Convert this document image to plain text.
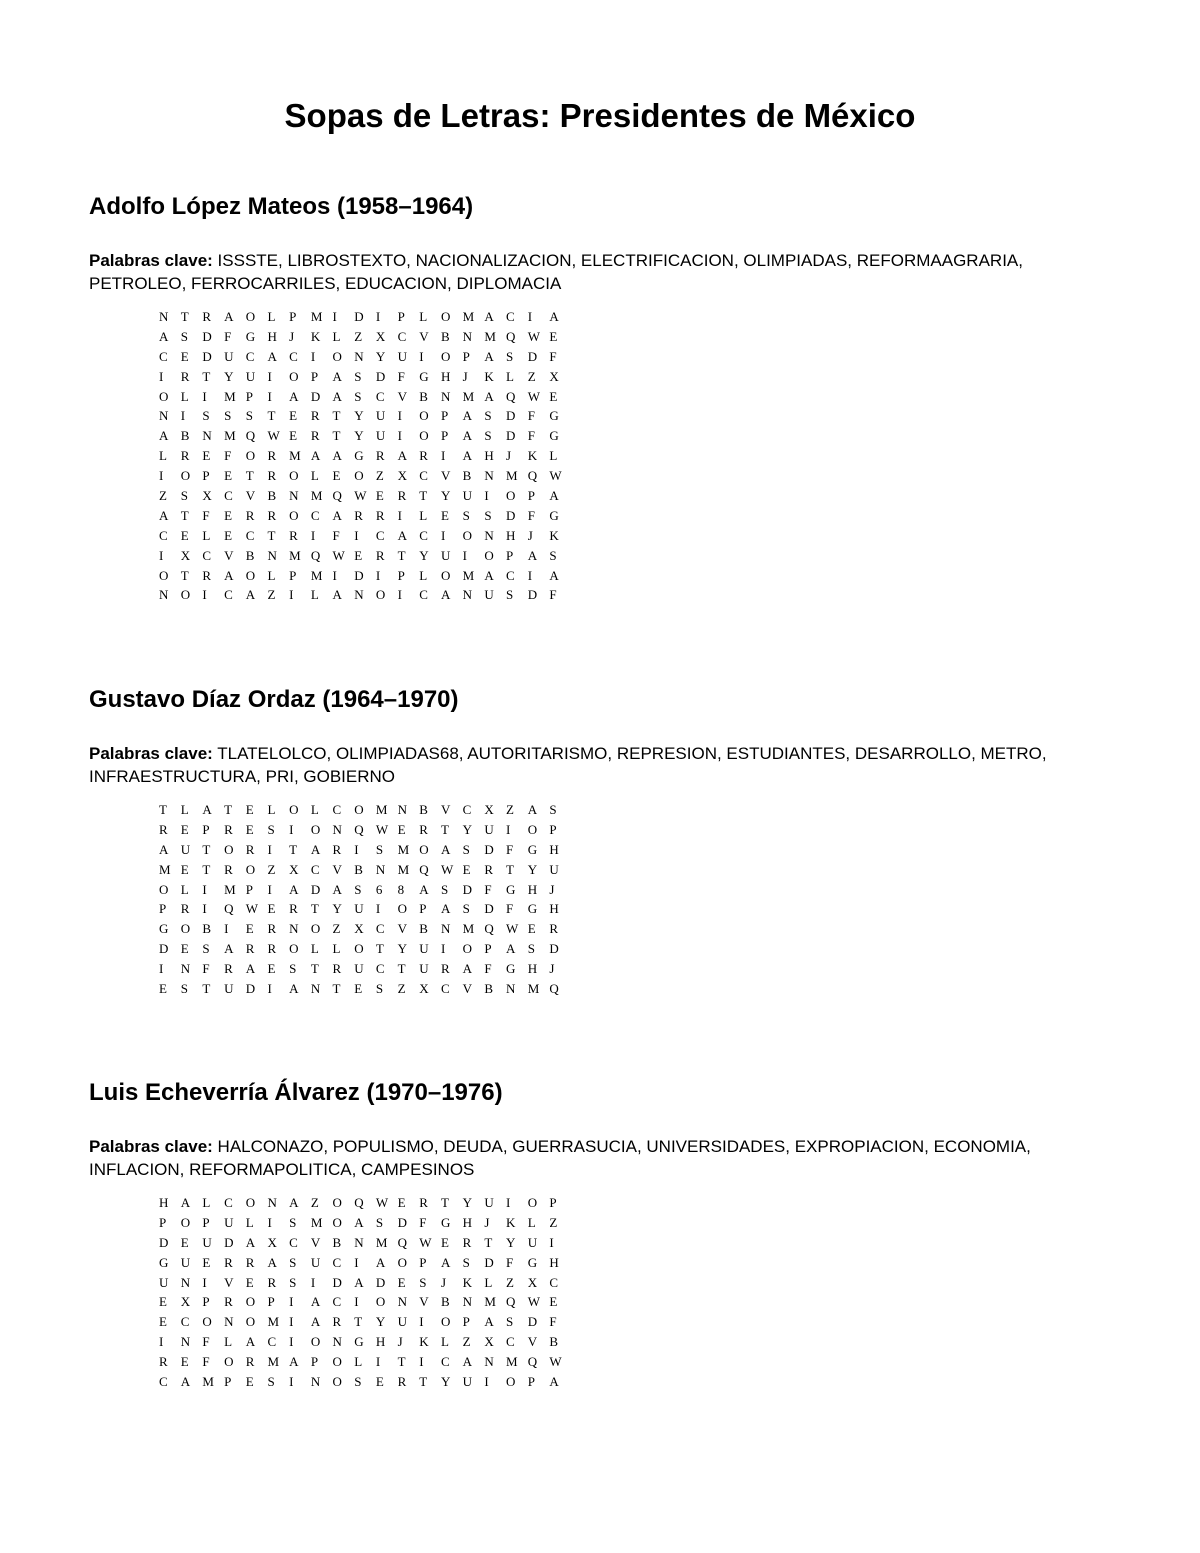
Sopas de Letras: Presidentes de México
Adolfo López Mateos (1958–1964)

Palabras clave: ISSSTE, LIBROSTEXTO, NACIONALIZACION, ELECTRIFICACION, OLIMPIADAS, REFORMAAGRARIA, PETROLEO, FERROCARRILES, EDUCACION, DIPLOMACIA

N T R A O L P M I D I P L O M A C I A
A S D F G H J K L Z X C V B N M Q W E
C E D U C A C I O N Y U I O P A S D F
I R T Y U I O P A S D F G H J K L Z X
O L I M P I A D A S C V B N M A Q W E
N I S S S T E R T Y U I O P A S D F G
A B N M Q W E R T Y U I O P A S D F G
L R E F O R M A A G R A R I A H J K L
I O P E T R O L E O Z X C V B N M Q W
Z S X C V B N M Q W E R T Y U I O P A
A T F E R R O C A R R I L E S S D F G
C E L E C T R I F I C A C I O N H J K
I X C V B N M Q W E R T Y U I O P A S
O T R A O L P M I D I P L O M A C I A
N O I C A Z I L A N O I C A N U S D F
Gustavo Díaz Ordaz (1964–1970)

Palabras clave: TLATELOLCO, OLIMPIADAS68, AUTORITARISMO, REPRESION, ESTUDIANTES, DESARROLLO, METRO, INFRAESTRUCTURA, PRI, GOBIERNO

T L A T E L O L C O M N B V C X Z A S
R E P R E S I O N Q W E R T Y U I O P
A U T O R I T A R I S M O A S D F G H
M E T R O Z X C V B N M Q W E R T Y U
O L I M P I A D A S 6 8 A S D F G H J
P R I Q W E R T Y U I O P A S D F G H
G O B I E R N O Z X C V B N M Q W E R
D E S A R R O L L O T Y U I O P A S D
I N F R A E S T R U C T U R A F G H J
E S T U D I A N T E S Z X C V B N M Q
Luis Echeverría Álvarez (1970–1976)

Palabras clave: HALCONAZO, POPULISMO, DEUDA, GUERRASUCIA, UNIVERSIDADES, EXPROPIACION, ECONOMIA, INFLACION, REFORMAPOLITICA, CAMPESINOS

H A L C O N A Z O Q W E R T Y U I O P
P O P U L I S M O A S D F G H J K L Z
D E U D A X C V B N M Q W E R T Y U I
G U E R R A S U C I A O P A S D F G H
U N I V E R S I D A D E S J K L Z X C
E X P R O P I A C I O N V B N M Q W E
E C O N O M I A R T Y U I O P A S D F
I N F L A C I O N G H J K L Z X C V B
R E F O R M A P O L I T I C A N M Q W
C A M P E S I N O S E R T Y U I O P A
